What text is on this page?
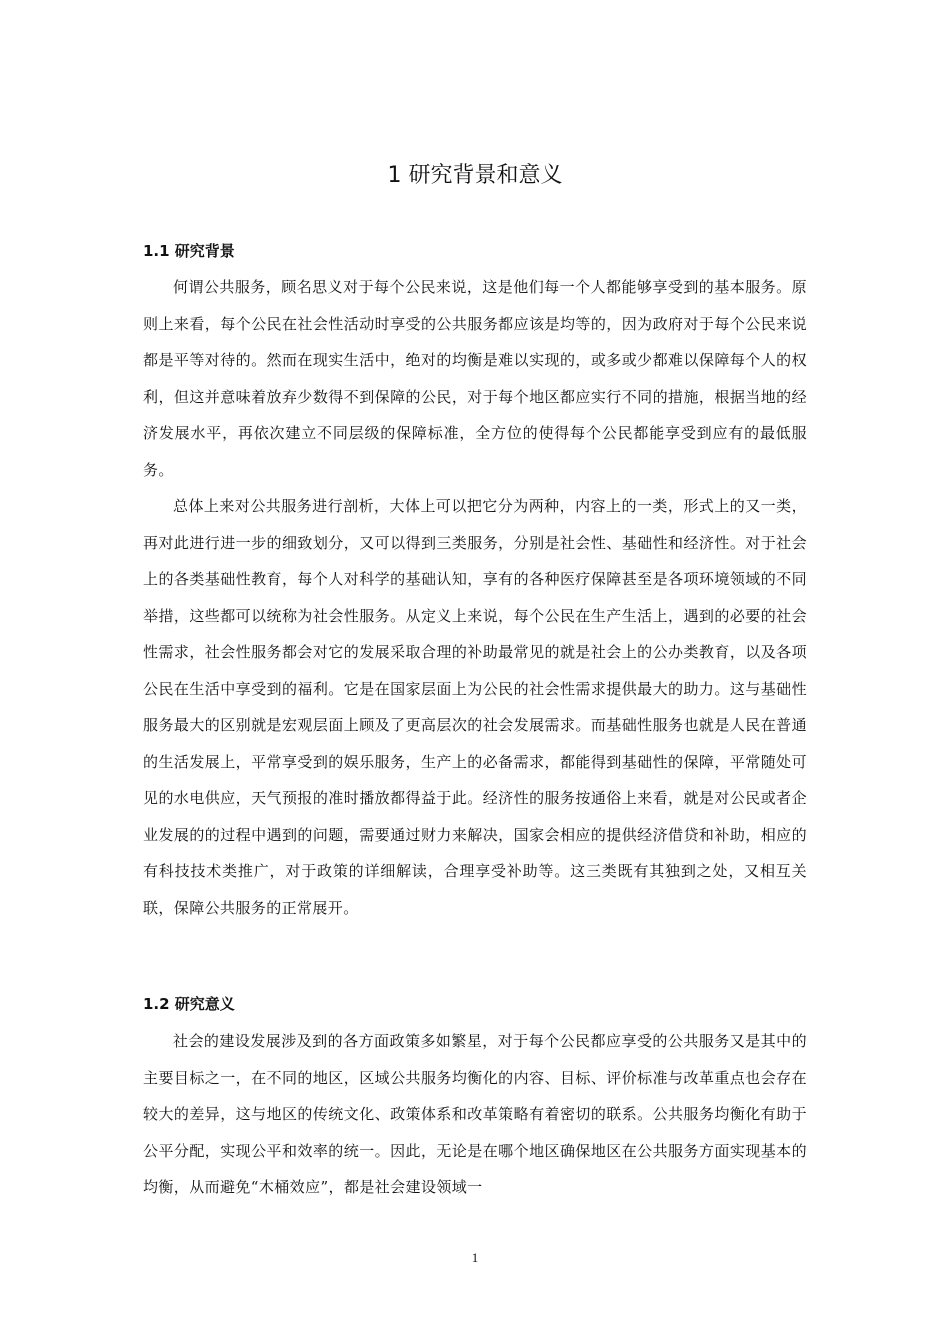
1 研究背景和意义
1.1 研究背景

何谓公共服务，顾名思义对于每个公民来说，这是他们每一个人都能够享受到的基本服务。原则上来看，每个公民在社会性活动时享受的公共服务都应该是均等的，因为政府对于每个公民来说都是平等对待的。然而在现实生活中，绝对的均衡是难以实现的，或多或少都难以保障每个人的权利，但这并意味着放弃少数得不到保障的公民，对于每个地区都应实行不同的措施，根据当地的经济发展水平，再依次建立不同层级的保障标准，全方位的使得每个公民都能享受到应有的最低服务。

总体上来对公共服务进行剖析，大体上可以把它分为两种，内容上的一类，形式上的又一类，再对此进行进一步的细致划分，又可以得到三类服务，分别是社会性、基础性和经济性。对于社会上的各类基础性教育，每个人对科学的基础认知，享有的各种医疗保障甚至是各项环境领域的不同举措，这些都可以统称为社会性服务。从定义上来说，每个公民在生产生活上，遇到的必要的社会性需求，社会性服务都会对它的发展采取合理的补助最常见的就是社会上的公办类教育，以及各项公民在生活中享受到的福利。它是在国家层面上为公民的社会性需求提供最大的助力。这与基础性服务最大的区别就是宏观层面上顾及了更高层次的社会发展需求。而基础性服务也就是人民在普通的生活发展上，平常享受到的娱乐服务，生产上的必备需求，都能得到基础性的保障，平常随处可见的水电供应，天气预报的准时播放都得益于此。经济性的服务按通俗上来看，就是对公民或者企业发展的的过程中遇到的问题，需要通过财力来解决，国家会相应的提供经济借贷和补助，相应的有科技技术类推广，对于政策的详细解读，合理享受补助等。这三类既有其独到之处，又相互关联，保障公共服务的正常展开。

1.2 研究意义

社会的建设发展涉及到的各方面政策多如繁星，对于每个公民都应享受的公共服务又是其中的主要目标之一，在不同的地区，区域公共服务均衡化的内容、目标、评价标准与改革重点也会存在较大的差异，这与地区的传统文化、政策体系和改革策略有着密切的联系。公共服务均衡化有助于公平分配，实现公平和效率的统一。因此，无论是在哪个地区确保地区在公共服务方面实现基本的均衡，从而避免“木桶效应”，都是社会建设领域一

1
